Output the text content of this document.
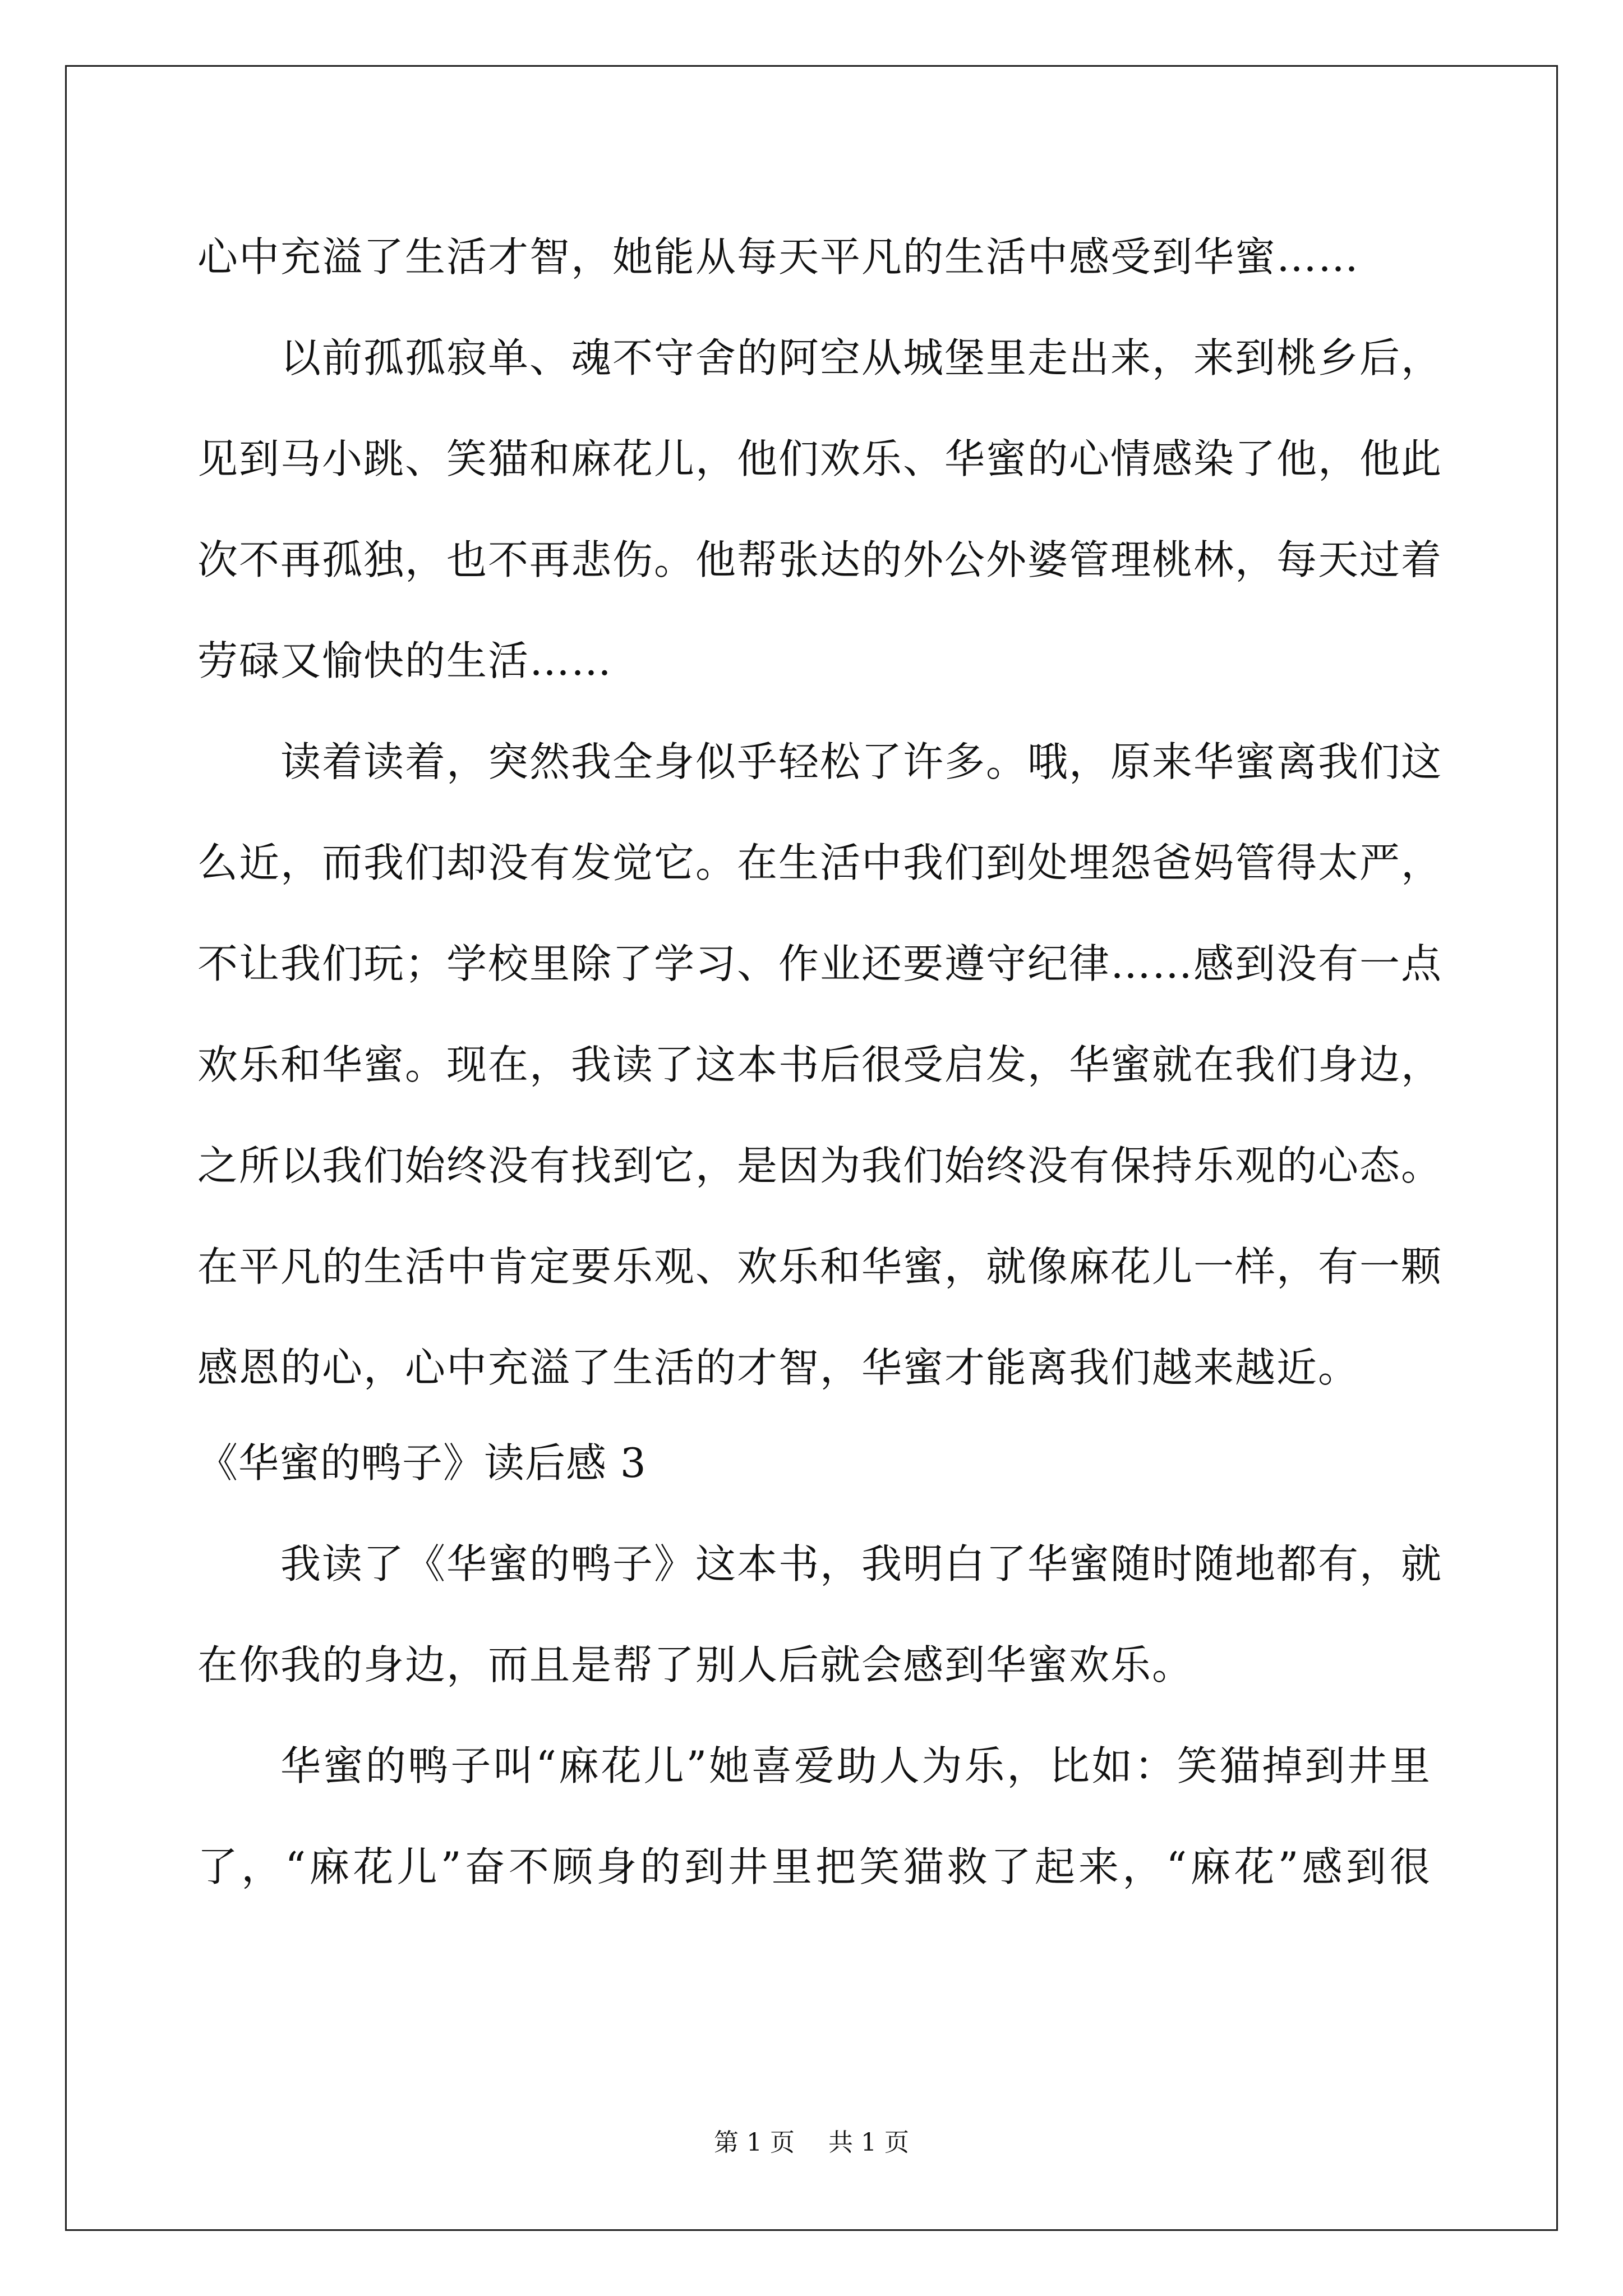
心中充溢了生活才智，她能从每天平凡的生活中感受到华蜜……
以前孤孤寂单、魂不守舍的阿空从城堡里走出来，来到桃乡后，
见到马小跳、笑猫和麻花儿，他们欢乐、华蜜的心情感染了他，他此
次不再孤独，也不再悲伤。他帮张达的外公外婆管理桃林，每天过着
劳碌又愉快的生活……
读着读着，突然我全身似乎轻松了许多。哦，原来华蜜离我们这
么近，而我们却没有发觉它。在生活中我们到处埋怨爸妈管得太严，
不让我们玩；学校里除了学习、作业还要遵守纪律……感到没有一点
欢乐和华蜜。现在，我读了这本书后很受启发，华蜜就在我们身边，
之所以我们始终没有找到它，是因为我们始终没有保持乐观的心态。
在平凡的生活中肯定要乐观、欢乐和华蜜，就像麻花儿一样，有一颗
感恩的心，心中充溢了生活的才智，华蜜才能离我们越来越近。
《华蜜的鸭子》读后感 3
我读了《华蜜的鸭子》这本书，我明白了华蜜随时随地都有，就
在你我的身边，而且是帮了别人后就会感到华蜜欢乐。
华蜜的鸭子叫“麻花儿”她喜爱助人为乐，比如：笑猫掉到井里
了，“麻花儿”奋不顾身的到井里把笑猫救了起来，“麻花”感到很
第 1 页 共 1 页
